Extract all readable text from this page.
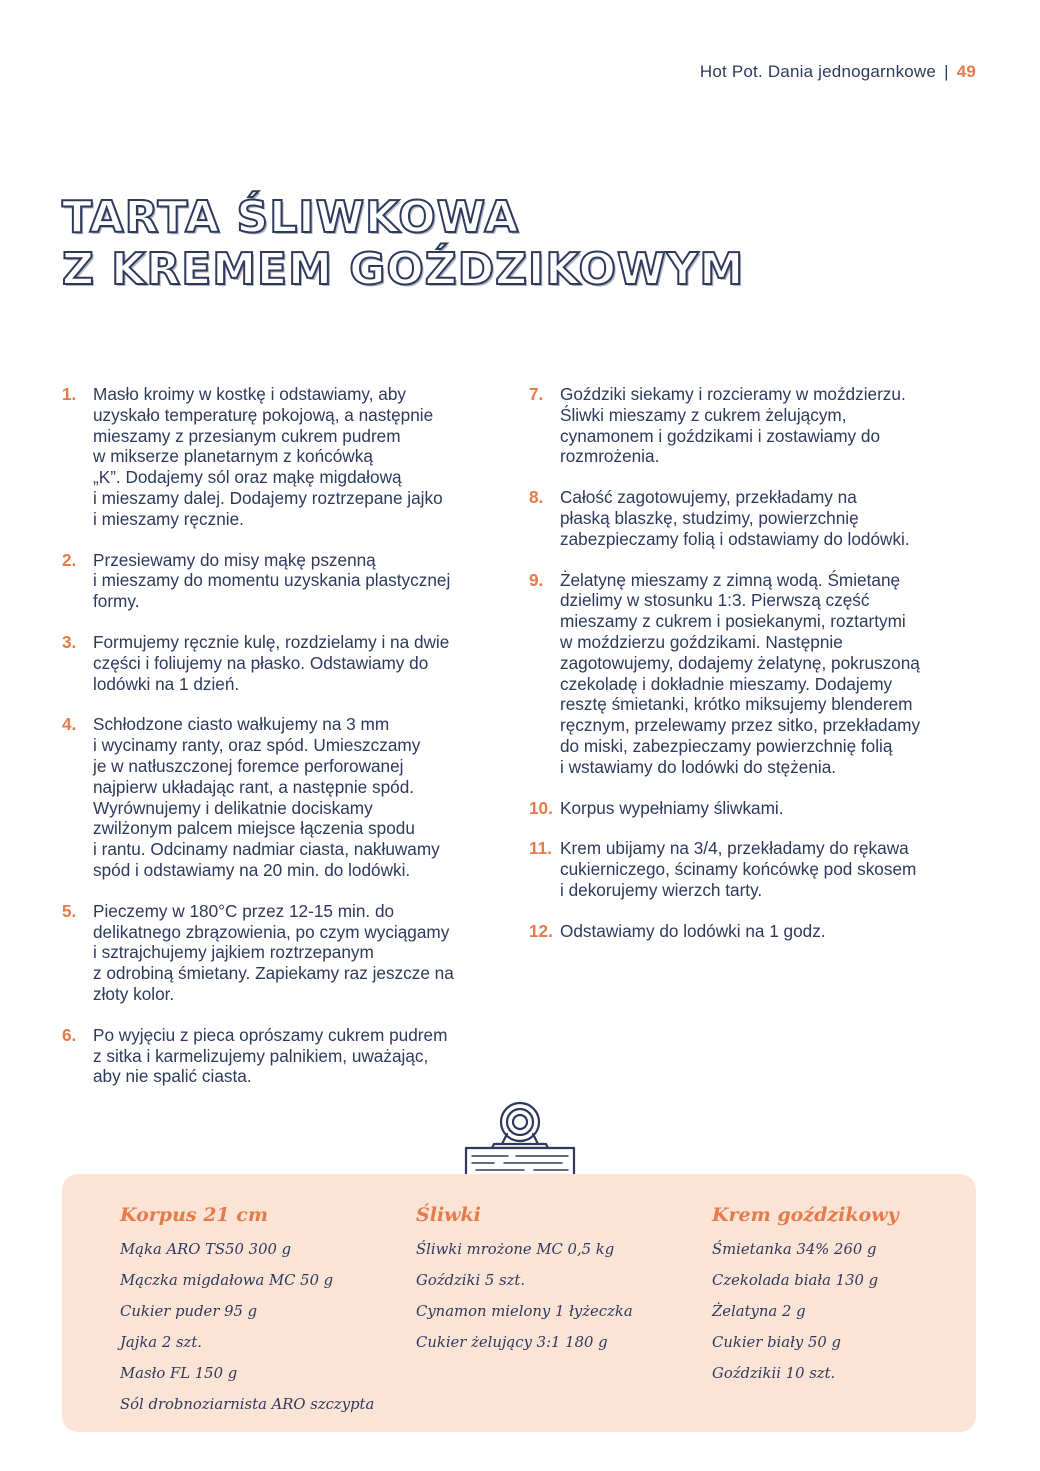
Hot Pot. Dania jednogarnkowe | 49
TARTA ŚLIWKOWA
Z KREMEM GOŹDZIKOWYM
1. Masło kroimy w kostkę i odstawiamy, aby
uzyskało temperaturę pokojową, a następnie
mieszamy z przesianym cukrem pudrem
w mikserze planetarnym z końcówką
„K”. Dodajemy sól oraz mąkę migdałową
i mieszamy dalej. Dodajemy roztrzepane jajko
i mieszamy ręcznie.
2. Przesiewamy do misy mąkę pszenną
i mieszamy do momentu uzyskania plastycznej
formy.
3. Formujemy ręcznie kulę, rozdzielamy i na dwie
części i foliujemy na płasko. Odstawiamy do
lodówki na 1 dzień.
4. Schłodzone ciasto wałkujemy na 3 mm
i wycinamy ranty, oraz spód. Umieszczamy
je w natłuszczonej foremce perforowanej
najpierw układając rant, a następnie spód.
Wyrównujemy i delikatnie dociskamy
zwilżonym palcem miejsce łączenia spodu
i rantu. Odcinamy nadmiar ciasta, nakłuwamy
spód i odstawiamy na 20 min. do lodówki.
5. Pieczemy w 180°C przez 12-15 min. do
delikatnego zbrązowienia, po czym wyciągamy
i sztrajchujemy jajkiem roztrzepanym
z odrobiną śmietany. Zapiekamy raz jeszcze na
złoty kolor.
6. Po wyjęciu z pieca oprószamy cukrem pudrem
z sitka i karmelizujemy palnikiem, uważając,
aby nie spalić ciasta.
7. Goździki siekamy i rozcieramy w moździerzu.
Śliwki mieszamy z cukrem żelującym,
cynamonem i goździkami i zostawiamy do
rozmrożenia.
8. Całość zagotowujemy, przekładamy na
płaską blaszkę, studzimy, powierzchnię
zabezpieczamy folią i odstawiamy do lodówki.
9. Żelatynę mieszamy z zimną wodą. Śmietanę
dzielimy w stosunku 1:3. Pierwszą część
mieszamy z cukrem i posiekanymi, roztartymi
w moździerzu goździkami. Następnie
zagotowujemy, dodajemy żelatynę, pokruszoną
czekoladę i dokładnie mieszamy. Dodajemy
resztę śmietanki, krótko miksujemy blenderem
ręcznym, przelewamy przez sitko, przekładamy
do miski, zabezpieczamy powierzchnię folią
i wstawiamy do lodówki do stężenia.
10. Korpus wypełniamy śliwkami.
11. Krem ubijamy na 3/4, przekładamy do rękawa
cukierniczego, ścinamy końcówkę pod skosem
i dekorujemy wierzch tarty.
12. Odstawiamy do lodówki na 1 godz.
Korpus 21 cm
Mąka ARO TS50 300 g
Mączka migdałowa MC 50 g
Cukier puder 95 g
Jajka 2 szt.
Masło FL 150 g
Sól drobnoziarnista ARO szczypta
Śliwki
Śliwki mrożone MC 0,5 kg
Goździki 5 szt.
Cynamon mielony 1 łyżeczka
Cukier żelujący 3:1 180 g
Krem goździkowy
Śmietanka 34% 260 g
Czekolada biała 130 g
Żelatyna 2 g
Cukier biały 50 g
Goździkii 10 szt.
